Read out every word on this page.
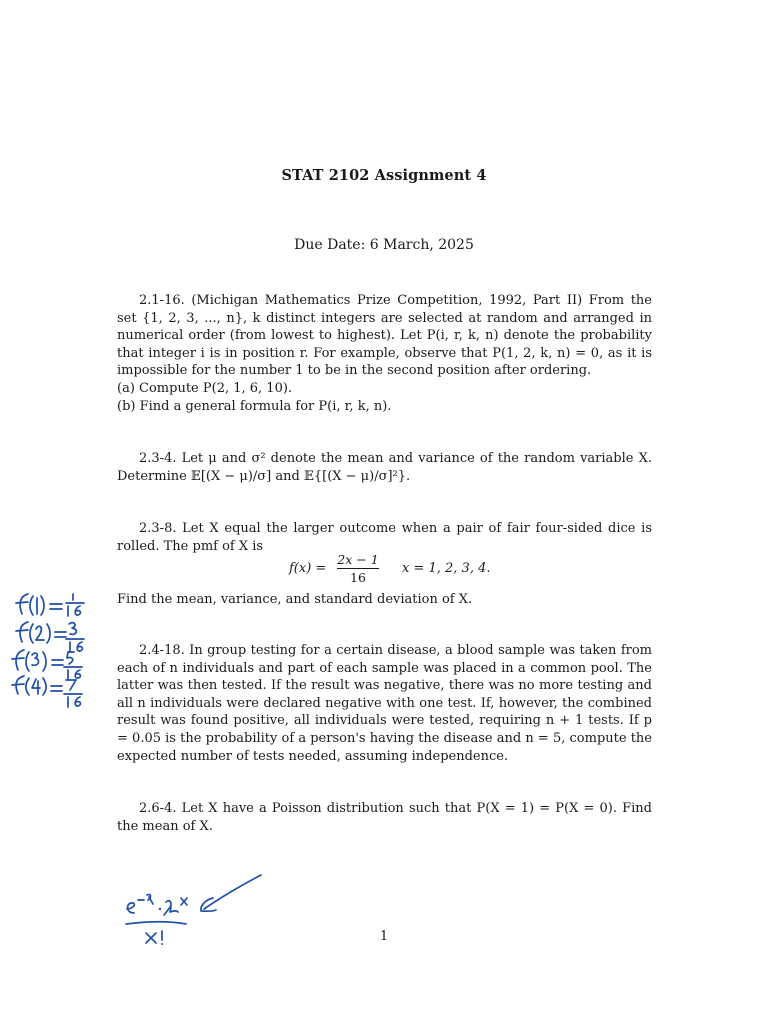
STAT 2102 Assignment 4
Due Date: 6 March, 2025

2.1-16. (Michigan Mathematics Prize Competition, 1992, Part II) From the set {1, 2, 3, ..., n}, k distinct integers are selected at random and arranged in numerical order (from lowest to highest). Let P(i, r, k, n) denote the probability that integer i is in position r. For example, observe that P(1, 2, k, n) = 0, as it is impossible for the number 1 to be in the second position after ordering.

(a) Compute P(2, 1, 6, 10).

(b) Find a general formula for P(i, r, k, n).

2.3-4. Let μ and σ² denote the mean and variance of the random variable X. Determine 𝔼[(X − μ)/σ] and 𝔼{[(X − μ)/σ]²}.

2.3-8. Let X equal the larger outcome when a pair of fair four-sided dice is rolled. The pmf of X is

$f(x) = \frac{2x - 1}{16}$ x = 1, 2, 3, 4.

Find the mean, variance, and standard deviation of X.

2.4-18. In group testing for a certain disease, a blood sample was taken from each of n individuals and part of each sample was placed in a common pool. The latter was then tested. If the result was negative, there was no more testing and all n individuals were declared negative with one test. If, however, the combined result was found positive, all individuals were tested, requiring n + 1 tests. If p = 0.05 is the probability of a person's having the disease and n = 5, compute the expected number of tests needed, assuming independence.

2.6-4. Let X have a Poisson distribution such that P(X = 1) = P(X = 0). Find the mean of X.

1
